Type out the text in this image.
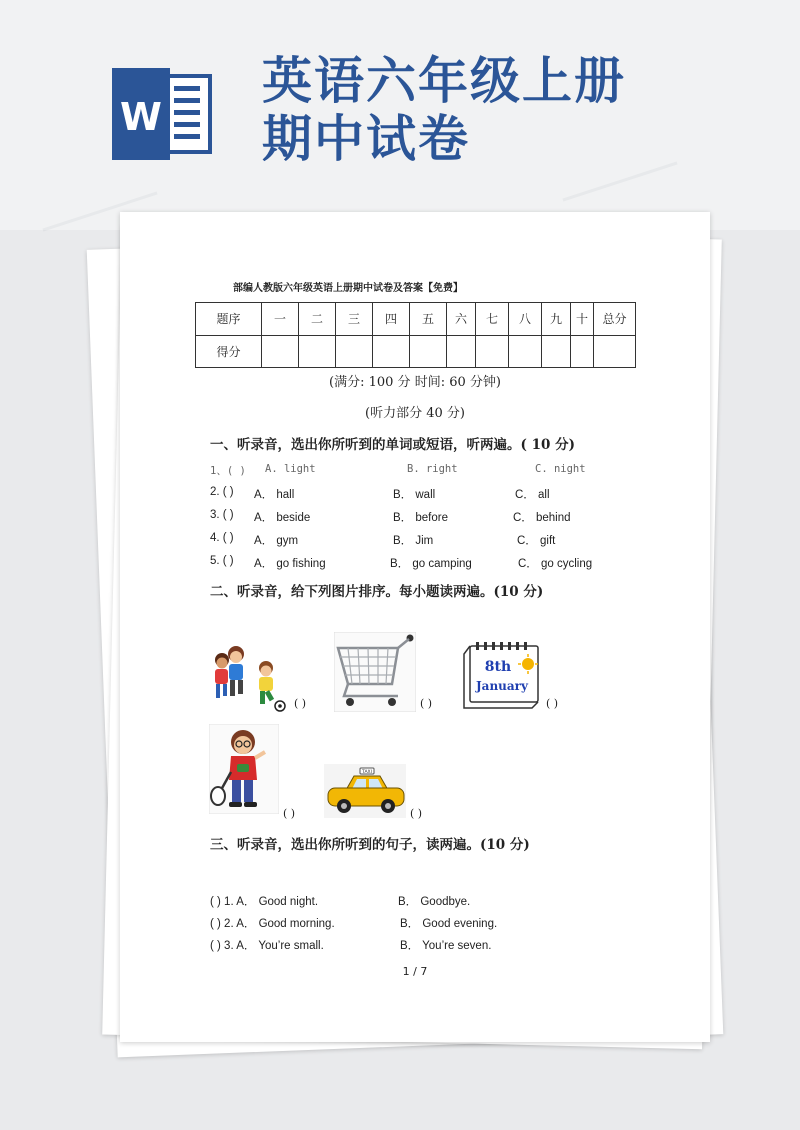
W
英语六年级上册
期中试卷
部编人教版六年级英语上册期中试卷及答案【免费】
题序	一	二	三	四	五	六	七	八	九	十	总分
得分											
(满分: 100 分 时间: 60 分钟)
(听力部分 40 分)
一、听录音，选出你所听到的单词或短语，听两遍。( 10 分)
1、( ) A. light	B. right	C. night
2. ( ) A． hall	B． wall	C． all
3. ( ) A． beside	B． before	C． behind
4. ( ) A． gym	B． Jim	C． gift
5. ( ) A． go fishing	B． go camping	C． go cycling
二、听录音，给下列图片排序。每小题读两遍。(10 分)
( )	( )
8th
January
( )
( )
TAXI
( )
三、听录音，选出你所听到的句子，读两遍。(10 分)
( ) 1. A． Good night.	B． Goodbye.
( ) 2. A． Good morning.	B． Good evening.
( ) 3. A． You’re small.	B． You’re seven.
1 / 7
